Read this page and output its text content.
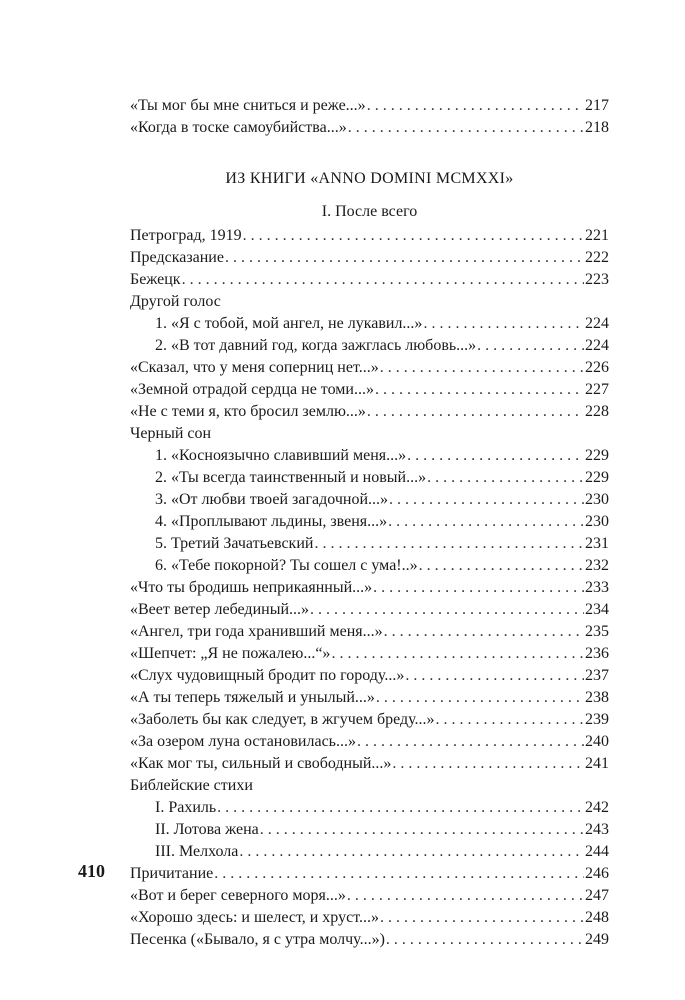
«Ты мог бы мне сниться и реже...» . . .	217
«Когда в тоске самоубийства...» . . .	218
ИЗ КНИГИ «ANNO DOMINI MCMXXI»
I. После всего
Петроград, 1919 . . .	221
Предсказание . . .	222
Бежецк . . .	223
Другой голос
1. «Я с тобой, мой ангел, не лукавил...» . . .	224
2. «В тот давний год, когда зажглась любовь...» . . .	224
«Сказал, что у меня соперниц нет...» . . .	226
«Земной отрадой сердца не томи...» . . .	227
«Не с теми я, кто бросил землю...» . . .	228
Черный сон
1. «Косноязычно славивший меня...» . . .	229
2. «Ты всегда таинственный и новый...» . . .	229
3. «От любви твоей загадочной...» . . .	230
4. «Проплывают льдины, звеня...» . . .	230
5. Третий Зачатьевский . . .	231
6. «Тебе покорной? Ты сошел с ума!..» . . .	232
«Что ты бродишь неприкаянный...» . . .	233
«Веет ветер лебединый...» . . .	234
«Ангел, три года хранивший меня...» . . .	235
«Шепчет: „Я не пожалею...“» . . .	236
«Слух чудовищный бродит по городу...» . . .	237
«А ты теперь тяжелый и унылый...» . . .	238
«Заболеть бы как следует, в жгучем бреду...» . . .	239
«За озером луна остановилась...» . . .	240
«Как мог ты, сильный и свободный...» . . .	241
Библейские стихи
I. Рахиль . . .	242
II. Лотова жена . . .	243
III. Мелхола . . .	244
Причитание . . .	246
«Вот и берег северного моря...» . . .	247
«Хорошо здесь: и шелест, и хруст...» . . .	248
Песенка («Бывало, я с утра молчу...») . . .	249
410
